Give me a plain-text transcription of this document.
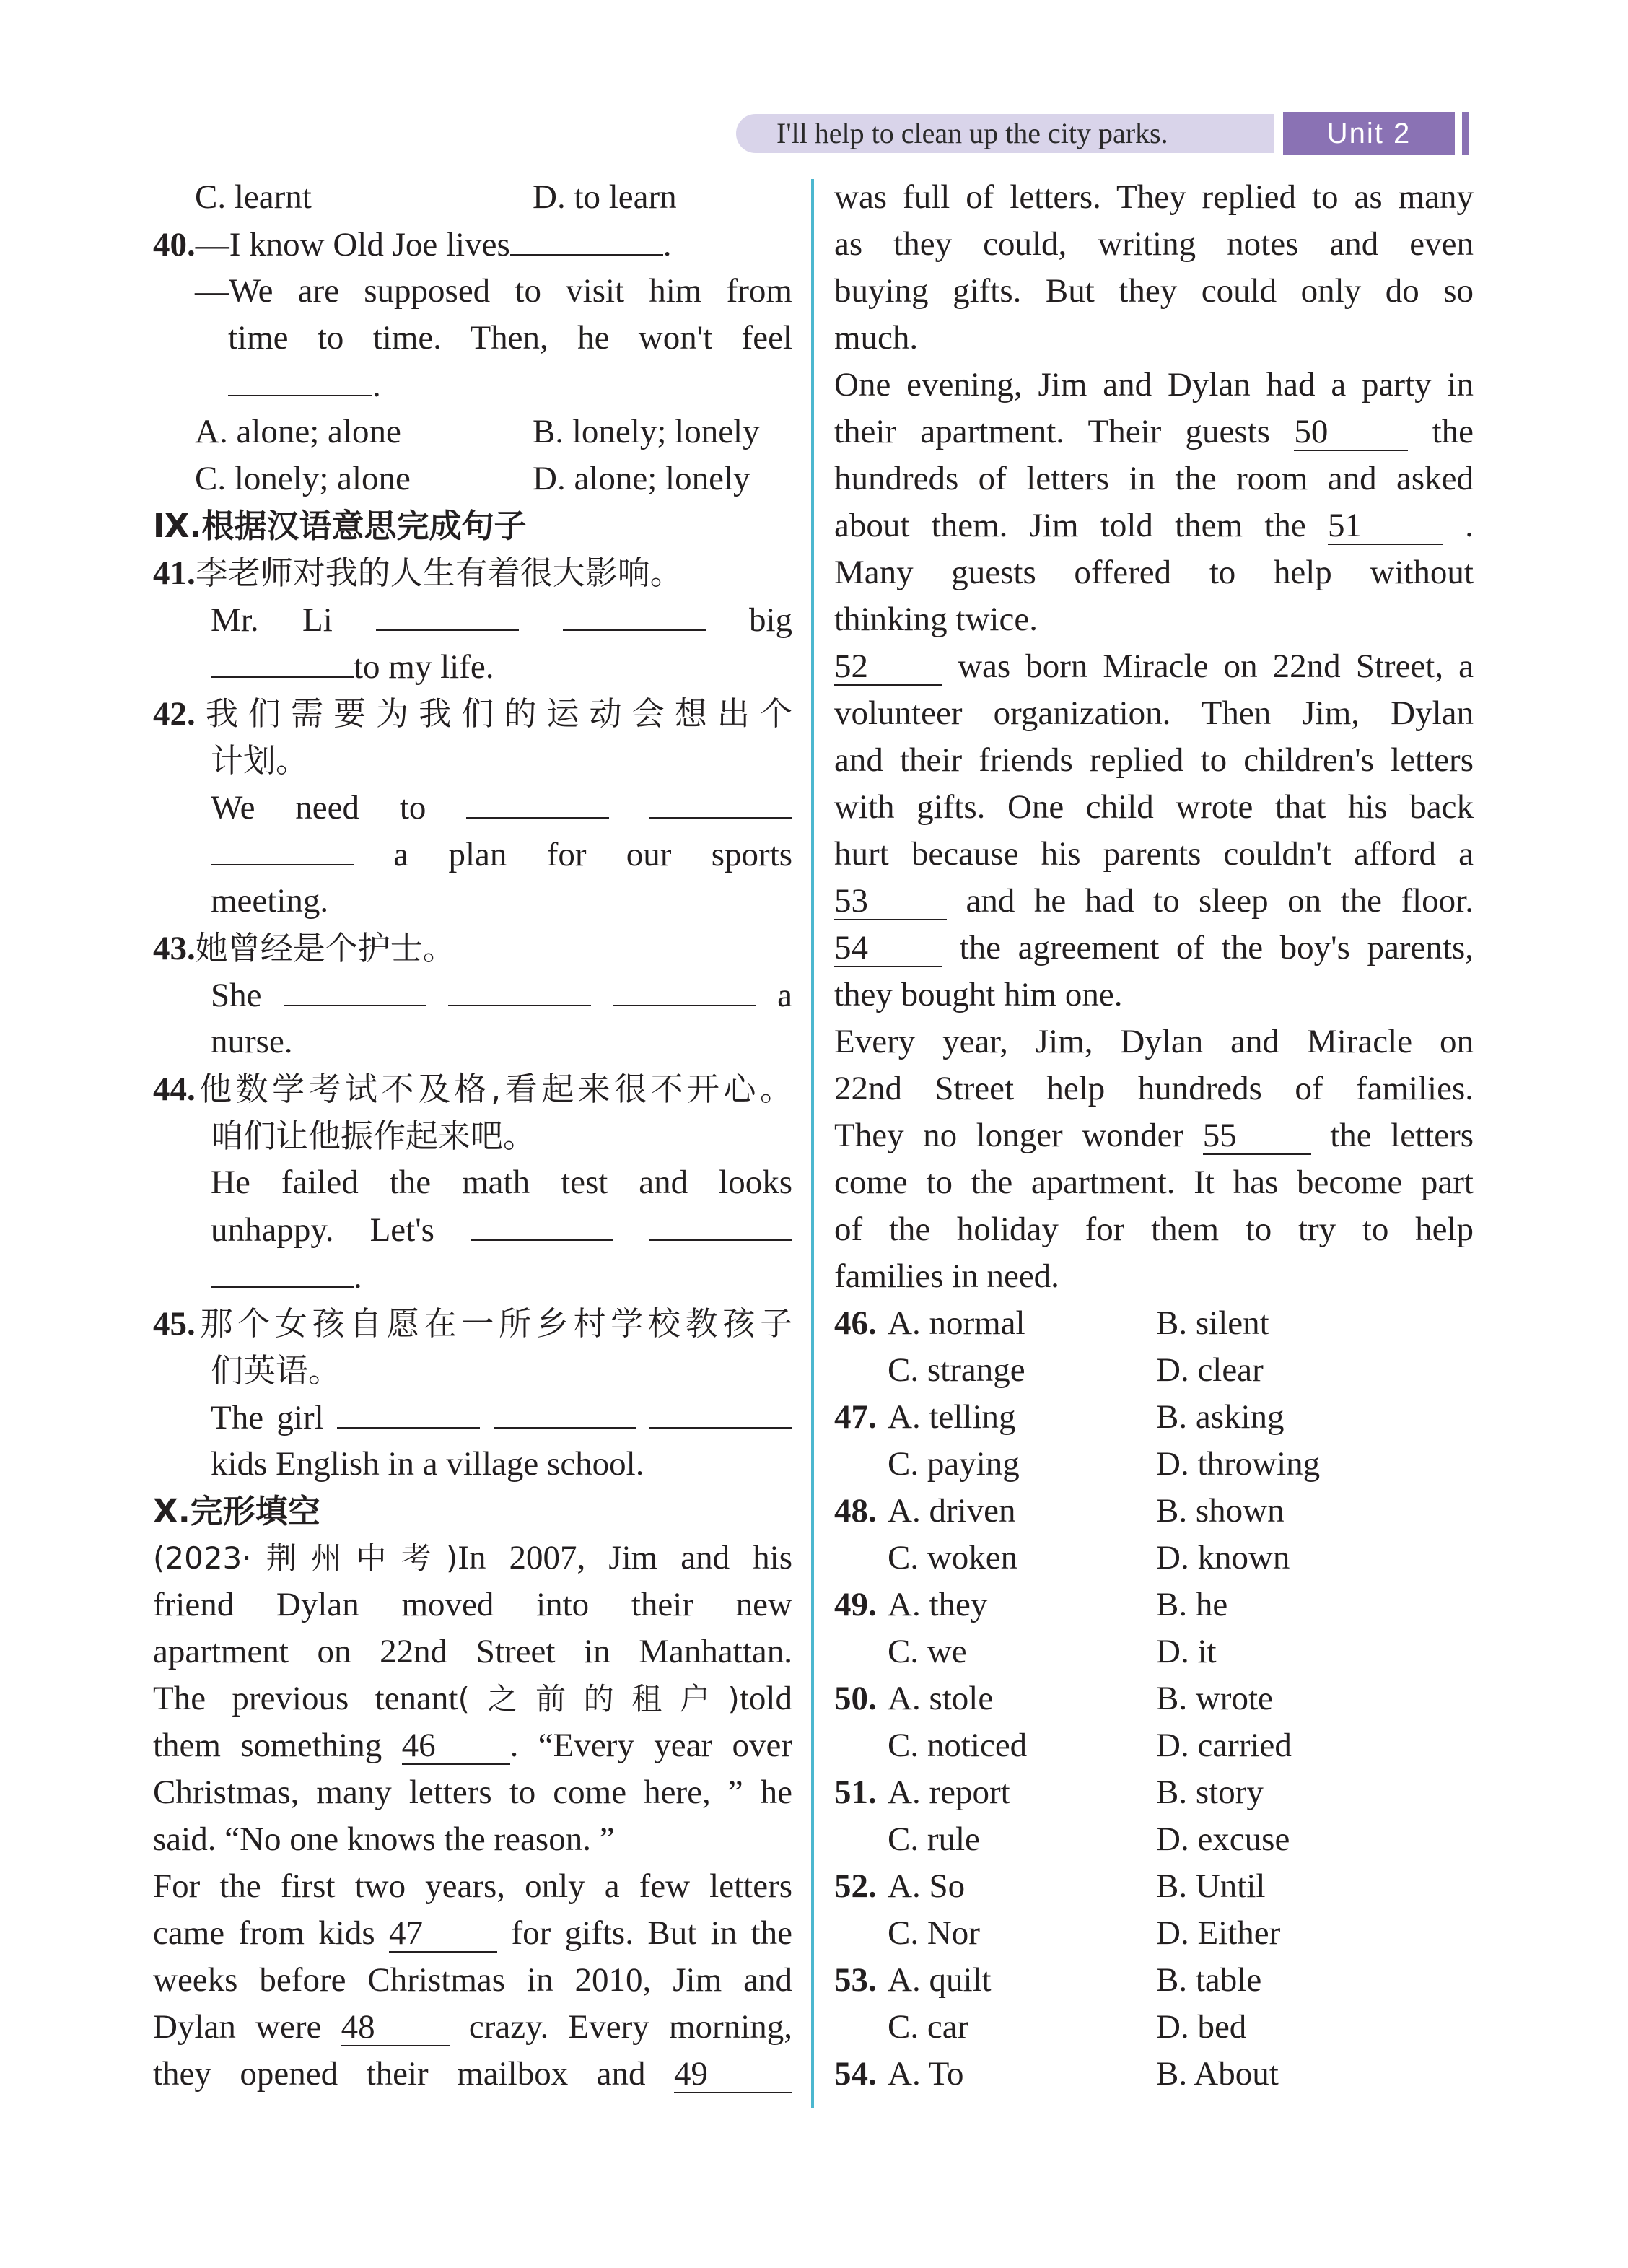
I'll help to clean up the city parks.	Unit 2
C. learnt	D. to learn
40.—I know Old Joe lives	.
—We are supposed to visit him from
time to time. Then, he won't feel
.
A. alone; alone	B. lonely; lonely
C. lonely; alone	D. alone; lonely
Ⅸ.根据汉语意思完成句子
41.李老师对我的人生有着很大影响。
Mr. Li	big
to my life.
42.我们需要为我们的运动会想出个
计划。
We need to
a plan for our sports
meeting.
43.她曾经是个护士。
She	a
nurse.
44.他数学考试不及格,看起来很不开心。
咱们让他振作起来吧。
He failed the math test and looks
unhappy. Let's
.
45.那个女孩自愿在一所乡村学校教孩子
们英语。
The girl
kids English in a village school.
Ⅹ.完形填空
(2023·荆州中考)In 2007, Jim and his
friend Dylan moved into their new
apartment on 22nd Street in Manhattan.
The previous tenant(之前的租户)told
them something 46 . “Every year over
Christmas, many letters to come here, ” he
said. “No one knows the reason. ”
For the first two years, only a few letters
came from kids 47	for gifts. But in the
weeks before Christmas in 2010, Jim and
Dylan were 48	crazy. Every morning,
they opened their mailbox and 49
was full of letters. They replied to as many
as they could, writing notes and even
buying gifts. But they could only do so
much.
One evening, Jim and Dylan had a party in
their apartment. Their guests 50	the
hundreds of letters in the room and asked
about them. Jim told them the 51	.
Many guests offered to help without
thinking twice.
52	was born Miracle on 22nd Street, a
volunteer organization. Then Jim, Dylan
and their friends replied to children's letters
with gifts. One child wrote that his back
hurt because his parents couldn't afford a
53	and he had to sleep on the floor.
54	the agreement of the boy's parents,
they bought him one.
Every year, Jim, Dylan and Miracle on
22nd Street help hundreds of families.
They no longer wonder 55	the letters
come to the apartment. It has become part
of the holiday for them to try to help
families in need.
46. A. normal	B. silent
C. strange	D. clear
47. A. telling	B. asking
C. paying	D. throwing
48. A. driven	B. shown
C. woken	D. known
49. A. they	B. he
C. we	D. it
50. A. stole	B. wrote
C. noticed	D. carried
51. A. report	B. story
C. rule	D. excuse
52. A. So	B. Until
C. Nor	D. Either
53. A. quilt	B. table
C. car	D. bed
54. A. To	B. About
